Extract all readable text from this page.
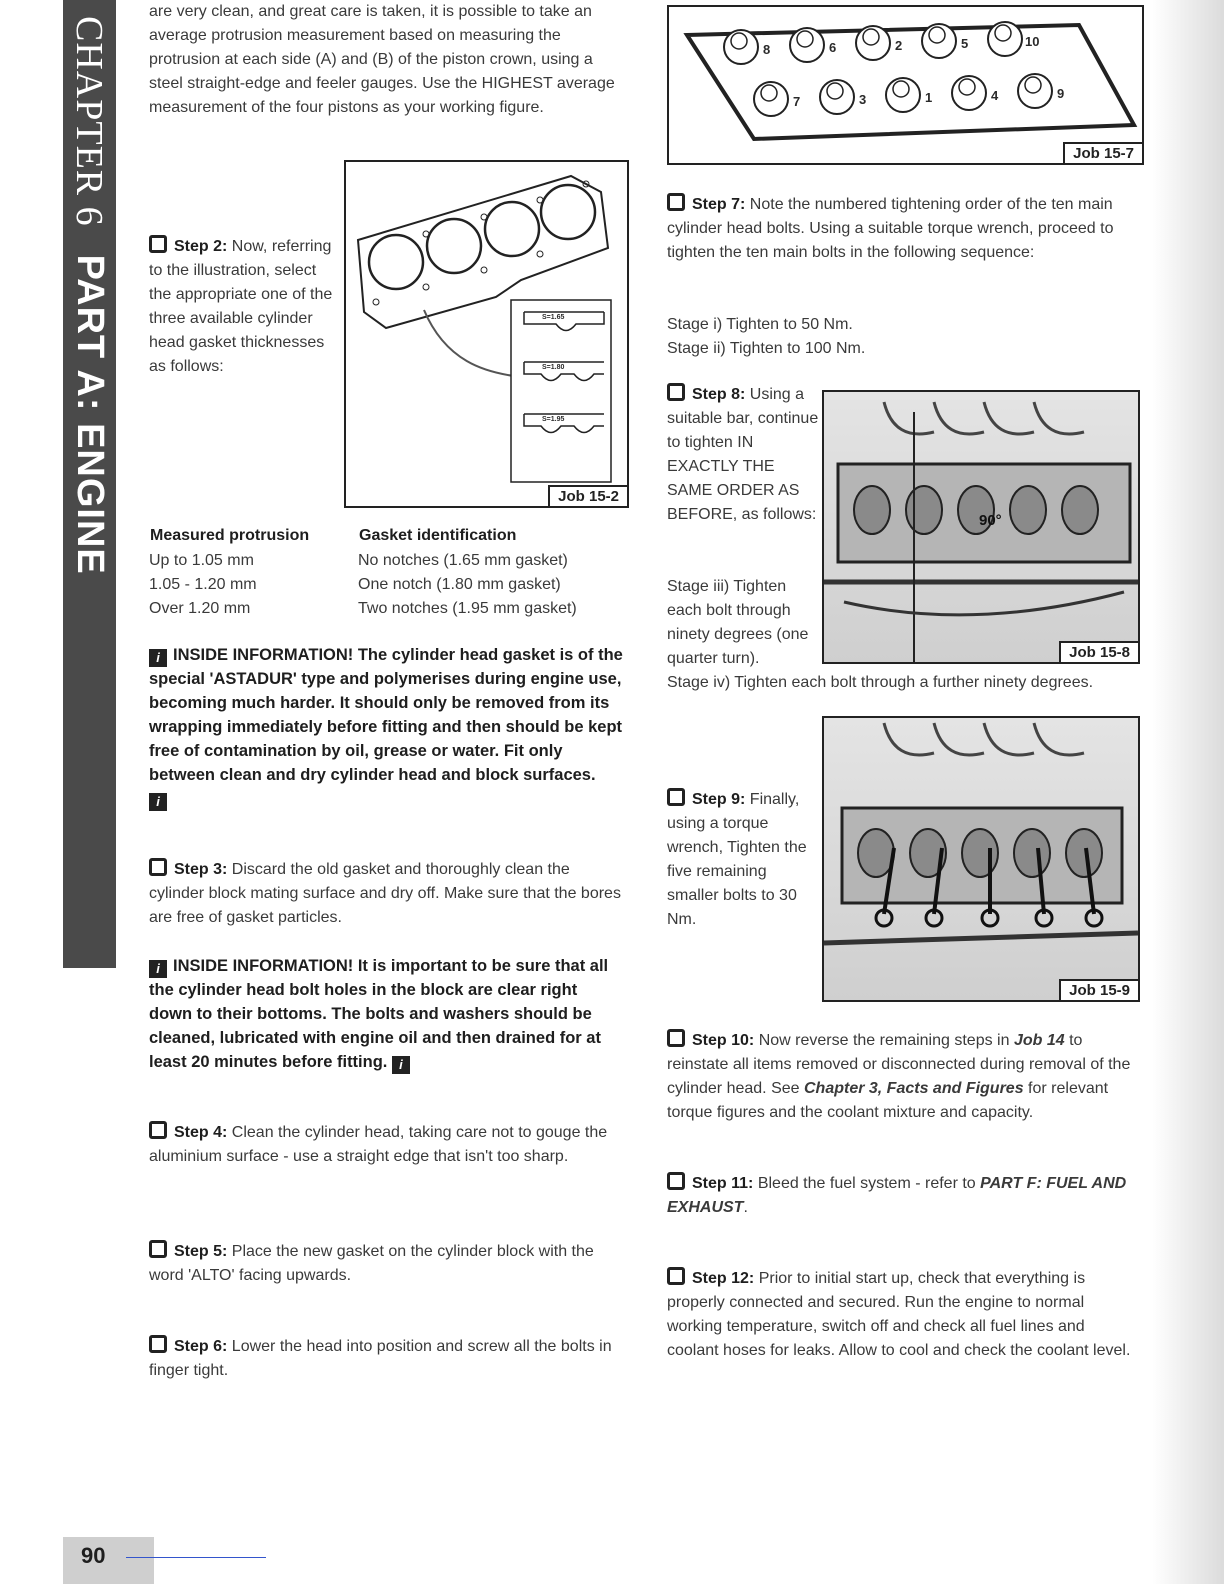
CHAPTER 6
PART A: ENGINE
are very clean, and great care is taken, it is possible to take an average protrusion measurement based on measuring the protrusion at each side (A) and (B) of the piston crown, using a steel straight-edge and feeler gauges. Use the HIGHEST average measurement of the four pistons as your working figure.
Step 2: Now, referring to the illustration, select the appropriate one of the three available cylinder head gasket thicknesses as follows:
S=1.65
S=1.80
S=1.95
Job 15-2
Measured protrusion	Gasket identification
Up to 1.05 mm	No notches (1.65 mm gasket)
1.05 - 1.20 mm	One notch (1.80 mm gasket)
Over 1.20 mm	Two notches (1.95 mm gasket)
i INSIDE INFORMATION! The cylinder head gasket is of the special 'ASTADUR' type and polymerises during engine use, becoming much harder. It should only be removed from its wrapping immediately before fitting and then should be kept free of contamination by oil, grease or water. Fit only between clean and dry cylinder head and block surfaces. i
Step 3: Discard the old gasket and thoroughly clean the cylinder block mating surface and dry off. Make sure that the bores are free of gasket particles.
i INSIDE INFORMATION! It is important to be sure that all the cylinder head bolt holes in the block are clear right down to their bottoms. The bolts and washers should be cleaned, lubricated with engine oil and then drained for at least 20 minutes before fitting. i
Step 4: Clean the cylinder head, taking care not to gouge the aluminium surface - use a straight edge that isn't too sharp.
Step 5: Place the new gasket on the cylinder block with the word 'ALTO' facing upwards.
Step 6: Lower the head into position and screw all the bolts in finger tight.
8	6	2	5	10
7	3	1	4	9
Job 15-7
Step 7: Note the numbered tightening order of the ten main cylinder head bolts. Using a suitable torque wrench, proceed to tighten the ten main bolts in the following sequence:
Stage i) Tighten to 50 Nm.
Stage ii) Tighten to 100 Nm.
Step 8: Using a suitable bar, continue to tighten IN EXACTLY THE SAME ORDER AS BEFORE, as follows:
Stage iii) Tighten each bolt through ninety degrees (one quarter turn).
Stage iv) Tighten each bolt through a further ninety degrees.
90°
Job 15-8
Step 9: Finally, using a torque wrench, Tighten the five remaining smaller bolts to 30 Nm.
Job 15-9
Step 10: Now reverse the remaining steps in Job 14 to reinstate all items removed or disconnected during removal of the cylinder head. See Chapter 3, Facts and Figures for relevant torque figures and the coolant mixture and capacity.
Step 11: Bleed the fuel system - refer to PART F: FUEL AND EXHAUST.
Step 12: Prior to initial start up, check that everything is properly connected and secured. Run the engine to normal working temperature, switch off and check all fuel lines and coolant hoses for leaks. Allow to cool and check the coolant level.
90
